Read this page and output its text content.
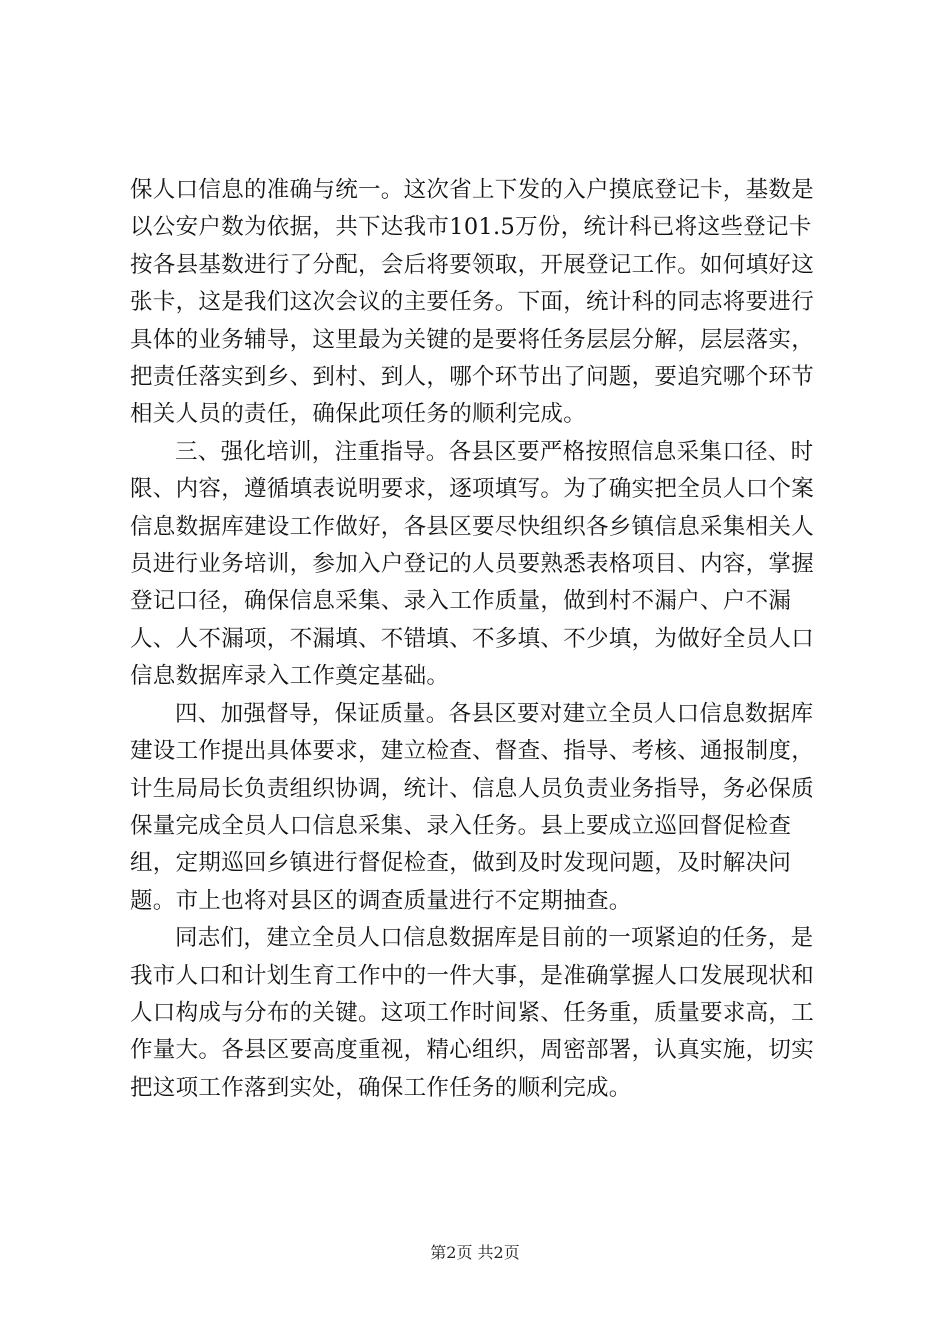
保人口信息的准确与统一。这次省上下发的入户摸底登记卡，基数是以公安户数为依据，共下达我市101.5万份，统计科已将这些登记卡按各县基数进行了分配，会后将要领取，开展登记工作。如何填好这张卡，这是我们这次会议的主要任务。下面，统计科的同志将要进行具体的业务辅导，这里最为关键的是要将任务层层分解，层层落实，把责任落实到乡、到村、到人，哪个环节出了问题，要追究哪个环节相关人员的责任，确保此项任务的顺利完成。

三、强化培训，注重指导。各县区要严格按照信息采集口径、时限、内容，遵循填表说明要求，逐项填写。为了确实把全员人口个案信息数据库建设工作做好，各县区要尽快组织各乡镇信息采集相关人员进行业务培训，参加入户登记的人员要熟悉表格项目、内容，掌握登记口径，确保信息采集、录入工作质量，做到村不漏户、户不漏人、人不漏项，不漏填、不错填、不多填、不少填，为做好全员人口信息数据库录入工作奠定基础。

四、加强督导，保证质量。各县区要对建立全员人口信息数据库建设工作提出具体要求，建立检查、督查、指导、考核、通报制度，计生局局长负责组织协调，统计、信息人员负责业务指导，务必保质保量完成全员人口信息采集、录入任务。县上要成立巡回督促检查组，定期巡回乡镇进行督促检查，做到及时发现问题，及时解决问题。市上也将对县区的调查质量进行不定期抽查。

同志们，建立全员人口信息数据库是目前的一项紧迫的任务，是我市人口和计划生育工作中的一件大事，是准确掌握人口发展现状和人口构成与分布的关键。这项工作时间紧、任务重，质量要求高，工作量大。各县区要高度重视，精心组织，周密部署，认真实施，切实把这项工作落到实处，确保工作任务的顺利完成。

第2页 共2页
